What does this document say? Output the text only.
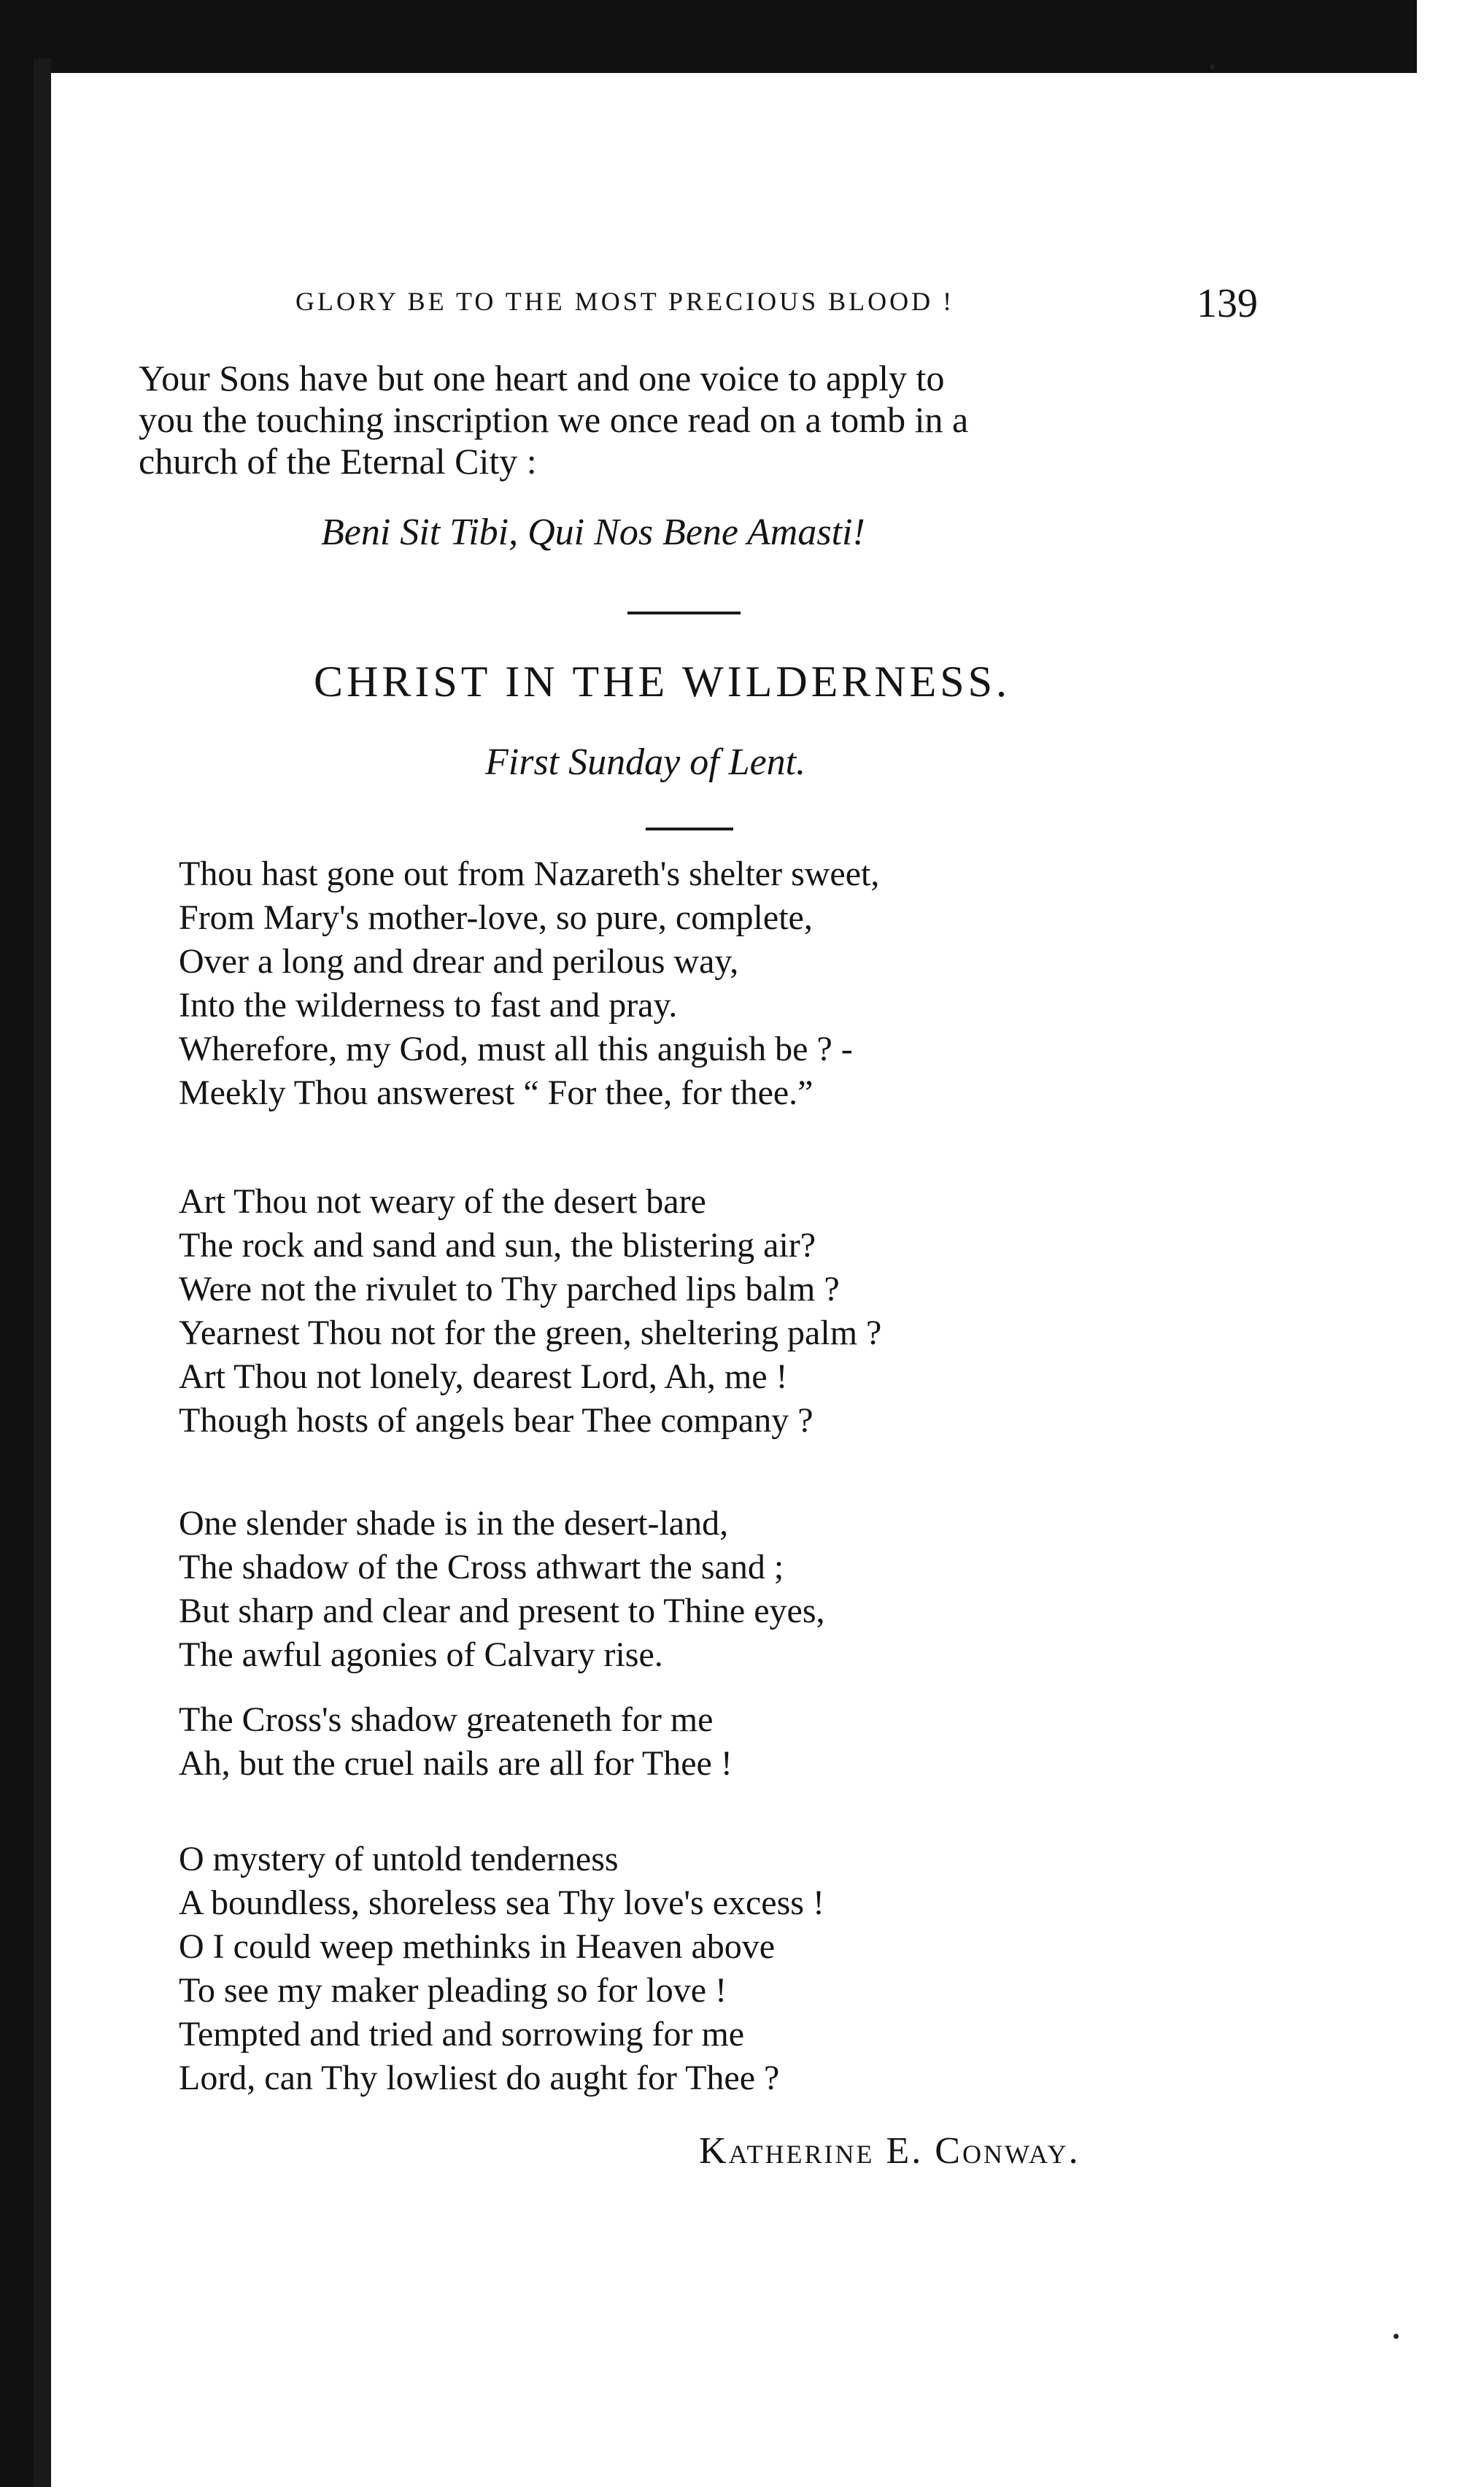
GLORY BE TO THE MOST PRECIOUS BLOOD !	139
Your Sons have but one heart and one voice to apply to
you the touching inscription we once read on a tomb in a
church of the Eternal City :
Beni Sit Tibi, Qui Nos Bene Amasti!
CHRIST IN THE WILDERNESS.
First Sunday of Lent.
Thou hast gone out from Nazareth's shelter sweet,
From Mary's mother-love, so pure, complete,
Over a long and drear and perilous way,
Into the wilderness to fast and pray.
Wherefore, my God, must all this anguish be ? -
Meekly Thou answerest “ For thee, for thee.”
Art Thou not weary of the desert bare
The rock and sand and sun, the blistering air?
Were not the rivulet to Thy parched lips balm ?
Yearnest Thou not for the green, sheltering palm ?
Art Thou not lonely, dearest Lord, Ah, me !
Though hosts of angels bear Thee company ?
One slender shade is in the desert-land,
The shadow of the Cross athwart the sand ;
But sharp and clear and present to Thine eyes,
The awful agonies of Calvary rise.
The Cross's shadow greateneth for me
Ah, but the cruel nails are all for Thee !
O mystery of untold tenderness
A boundless, shoreless sea Thy love's excess !
O I could weep methinks in Heaven above
To see my maker pleading so for love !
Tempted and tried and sorrowing for me
Lord, can Thy lowliest do aught for Thee ?
Katherine E. Conway.
